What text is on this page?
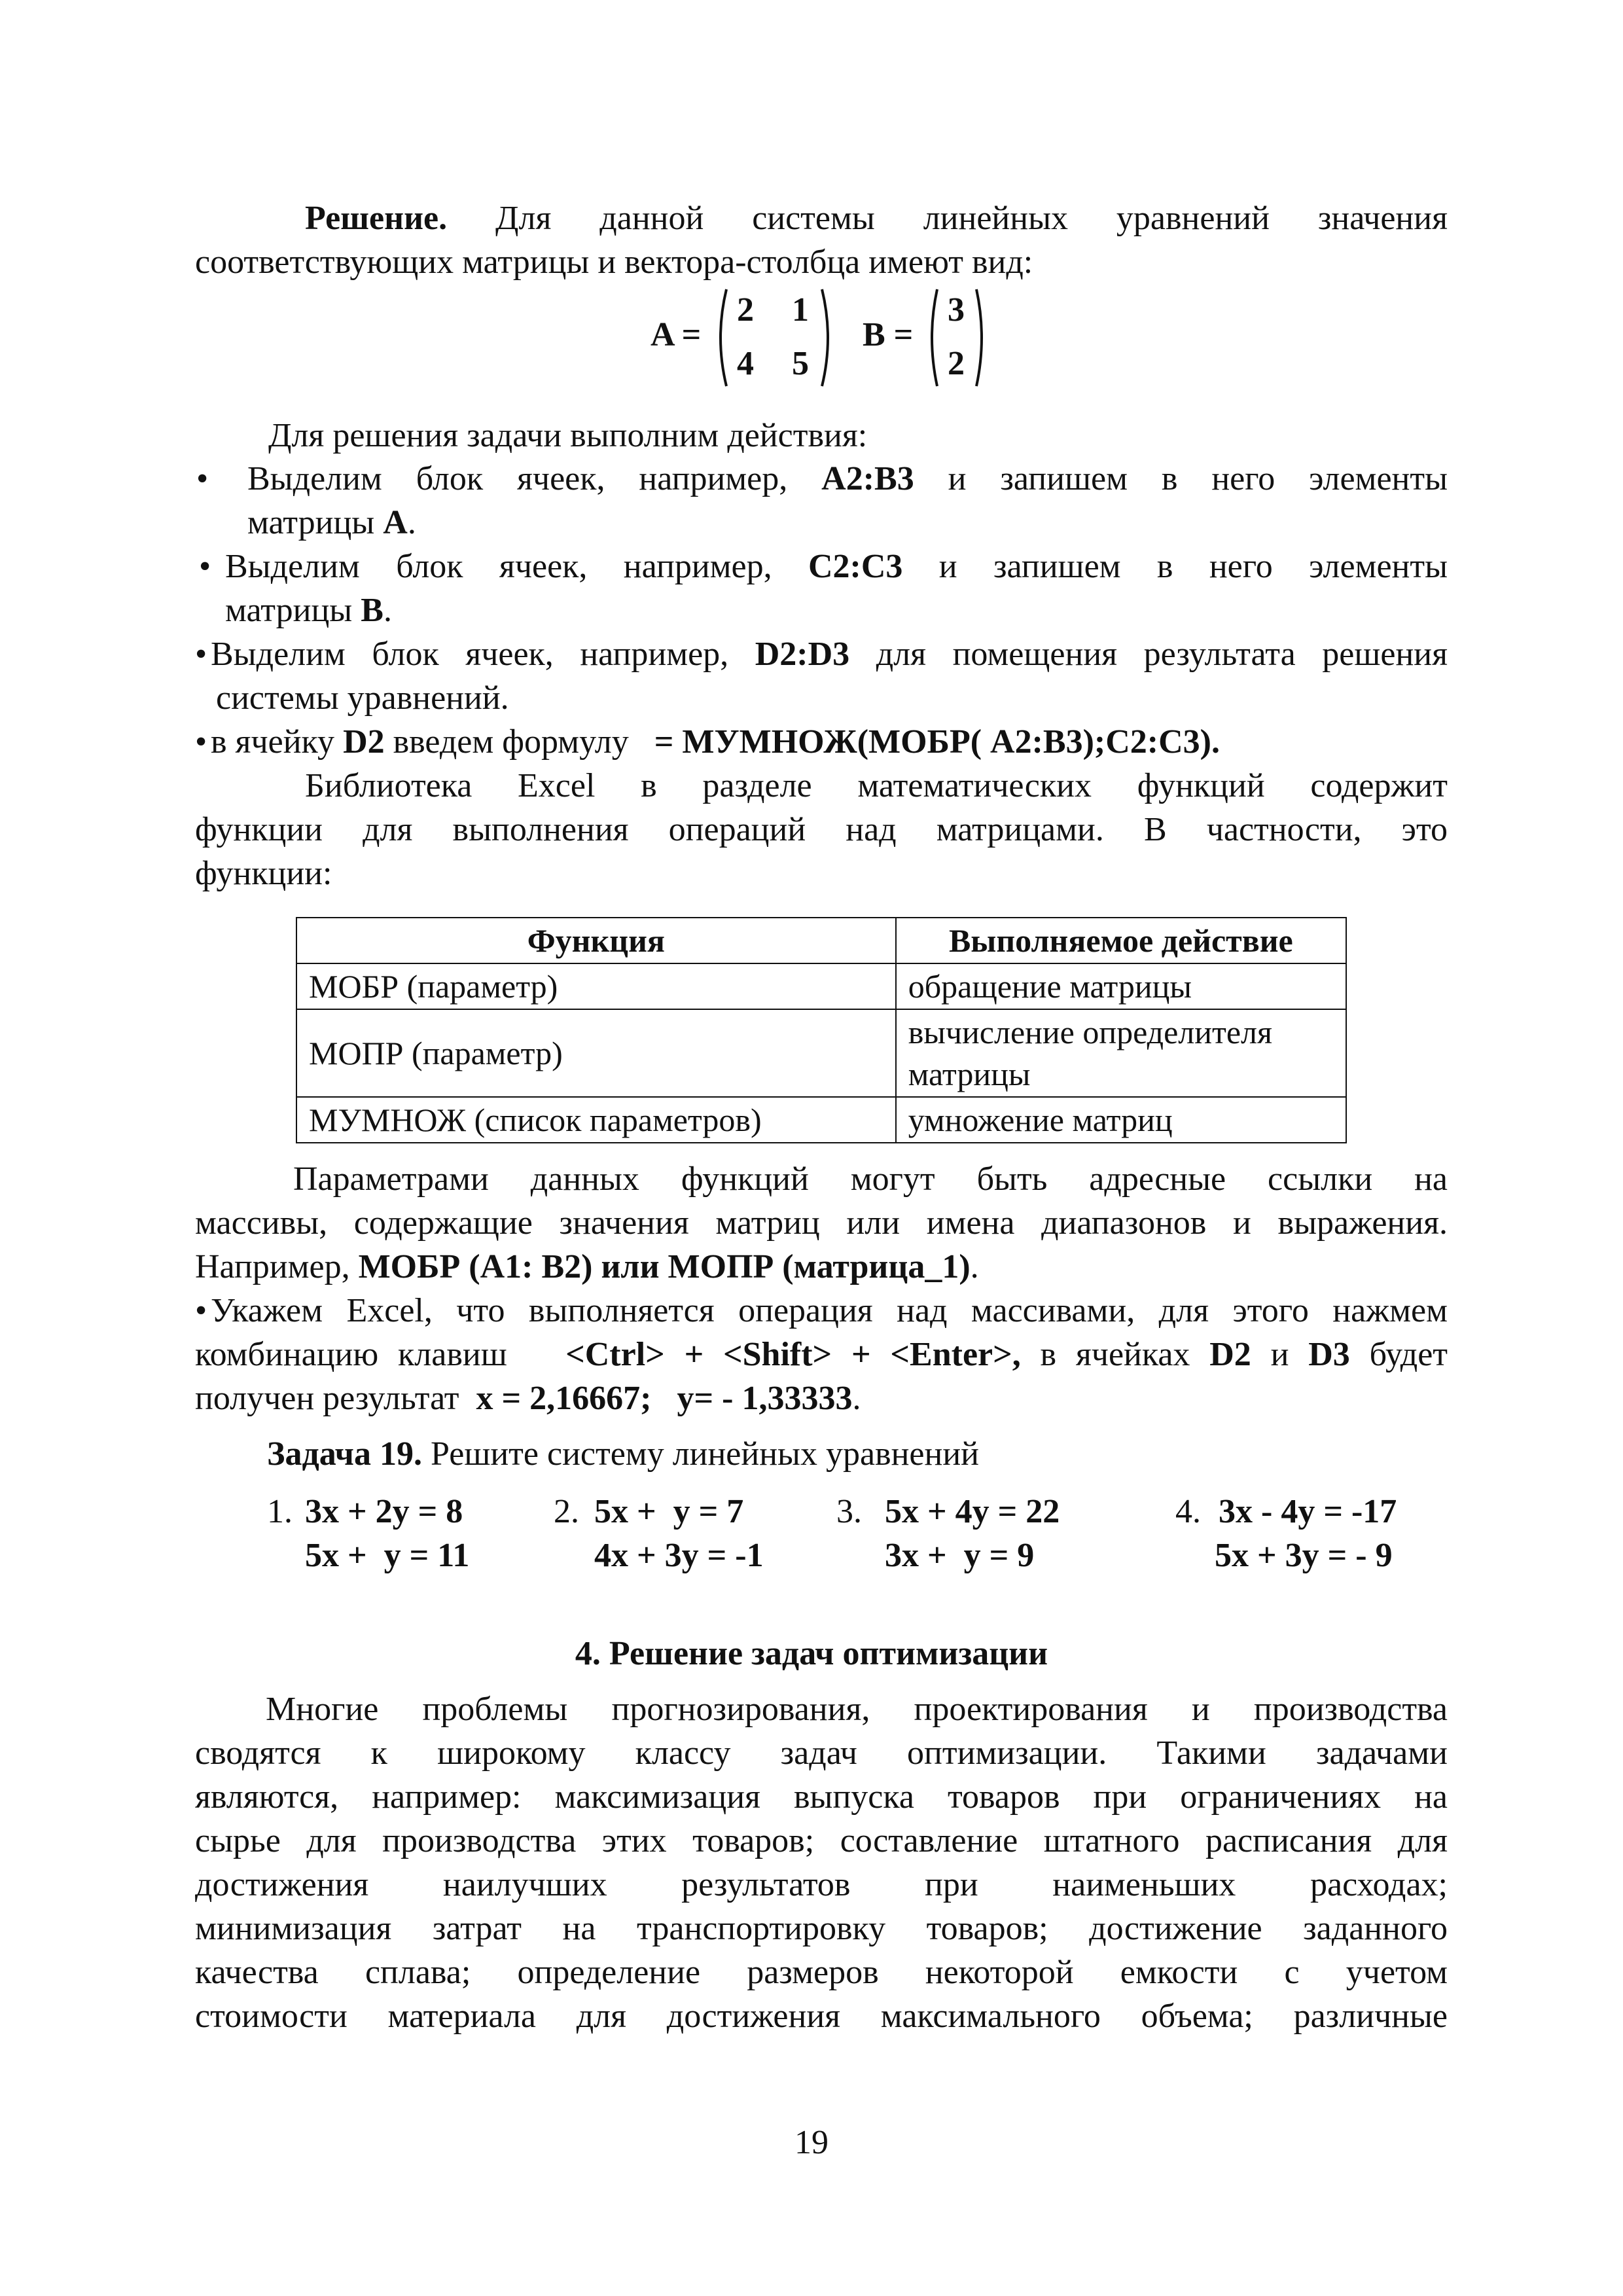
Решение. Для данной системы линейных уравнений значения
соответствующих матрицы и вектора-столбца имеют вид:
A =
2 1
4 5
B =
3
2
Для решения задачи выполним действия:
• Выделим блок ячеек, например, A2:B3 и запишем в него элементы
матрицы A.
• Выделим блок ячеек, например, C2:C3 и запишем в него элементы
матрицы B.
• Выделим блок ячеек, например, D2:D3 для помещения результата решения
системы уравнений.
• в ячейку D2 введем формулу = МУМНОЖ(МОБР( A2:B3);C2:C3).
Библиотека Excel в разделе математических функций содержит
функции для выполнения операций над матрицами. В частности, это
функции:
Функция	Выполняемое действие
МОБР (параметр)	обращение матрицы
МОПР (параметр)	вычисление определителя матрицы
МУМНОЖ (список параметров)	умножение матриц
Параметрами данных функций могут быть адресные ссылки на
массивы, содержащие значения матриц или имена диапазонов и выражения.
Например, МОБР (A1: B2) или МОПР (матрица_1).
• Укажем Excel, что выполняется операция над массивами, для этого нажмем
комбинацию клавиш <Ctrl> + <Shift> + <Enter>, в ячейках D2 и D3 будет
получен результат x = 2,16667; y= - 1,33333.
Задача 19. Решите систему линейных уравнений
1. 3x + 2y = 8
5x +  y = 11
2. 5x +  y = 7
4x + 3y = -1
3. 5x + 4y = 22
3x +  y = 9
4. 3x - 4y = -17
5x + 3y = - 9
4. Решение задач оптимизации
Многие проблемы прогнозирования, проектирования и производства
сводятся к широкому классу задач оптимизации. Такими задачами
являются, например: максимизация выпуска товаров при ограничениях на
сырье для производства этих товаров; составление штатного расписания для
достижения наилучших результатов при наименьших расходах;
минимизация затрат на транспортировку товаров; достижение заданного
качества сплава; определение размеров некоторой емкости с учетом
стоимости материала для достижения максимального объема; различные
19
